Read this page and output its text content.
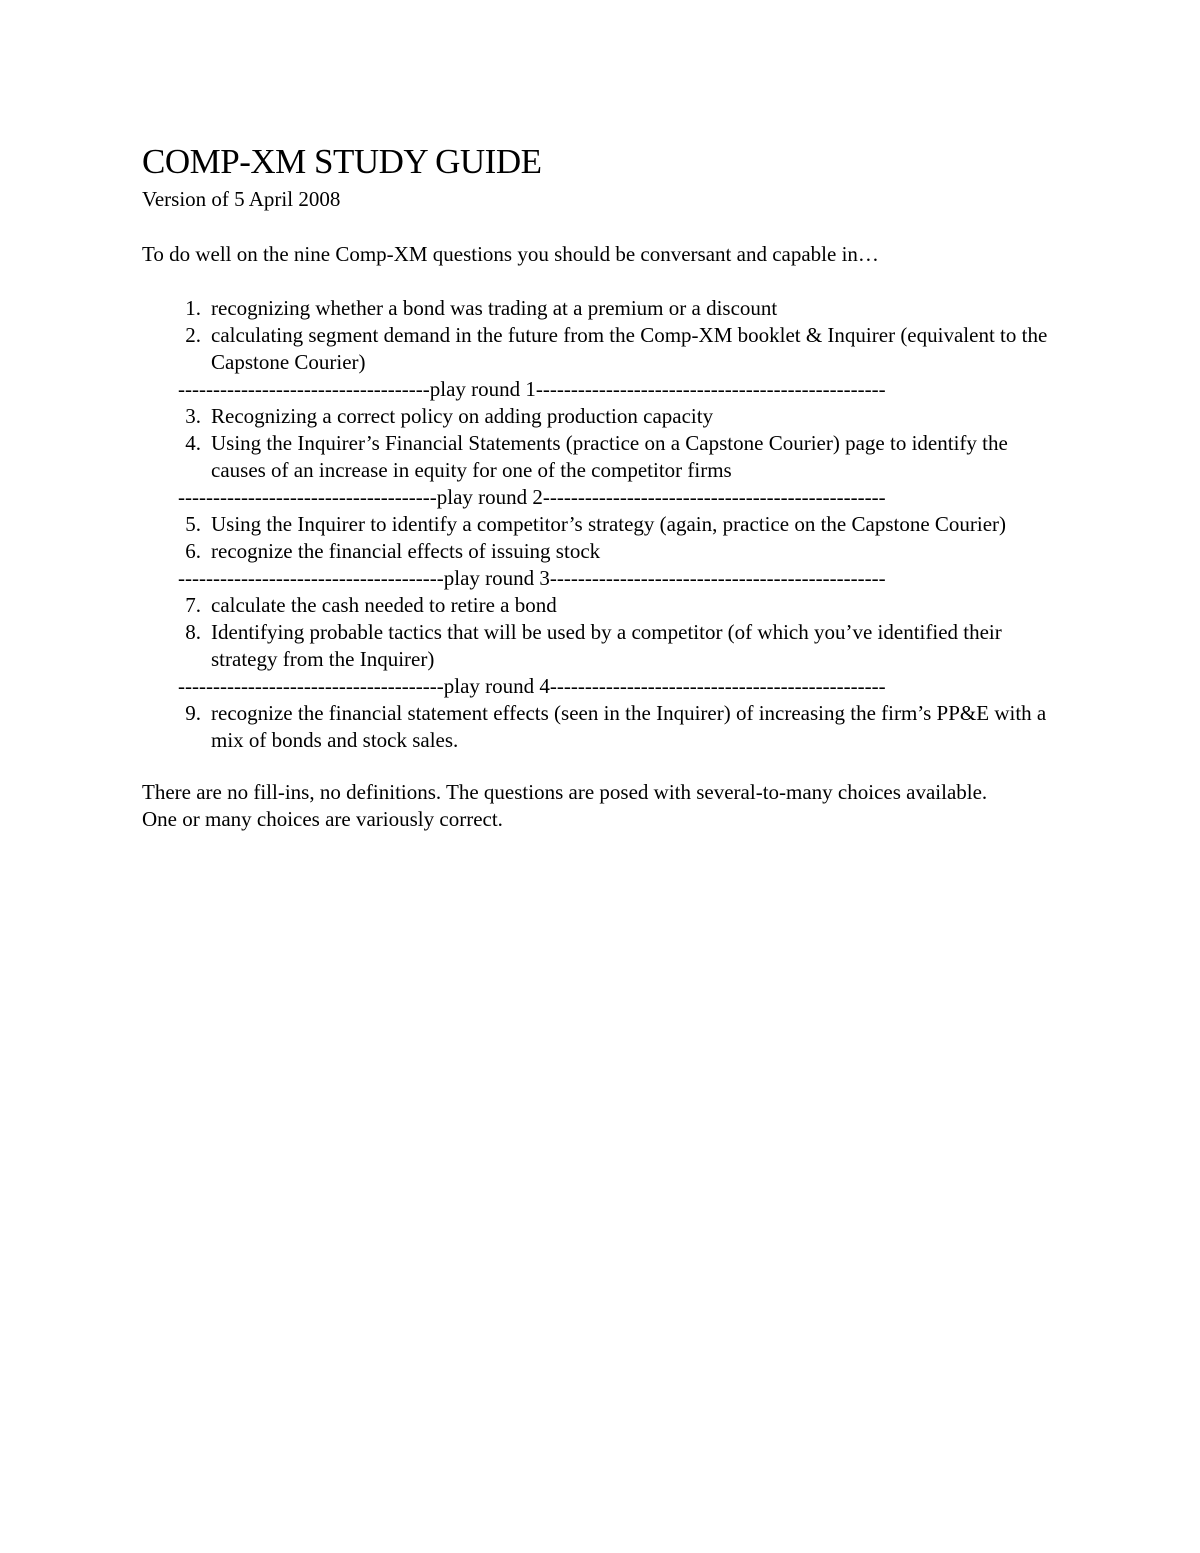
COMP-XM STUDY GUIDE

Version of 5 April 2008

To do well on the nine Comp-XM questions you should be conversant and capable in…

1. recognizing whether a bond was trading at a premium or a discount
2. calculating segment demand in the future from the Comp-XM booklet & Inquirer (equivalent to the Capstone Courier)
------------------------------------play round 1--------------------------------------------------
3. Recognizing a correct policy on adding production capacity
4. Using the Inquirer’s Financial Statements (practice on a Capstone Courier) page to identify the causes of an increase in equity for one of the competitor firms
-------------------------------------play round 2-------------------------------------------------
5. Using the Inquirer to identify a competitor’s strategy (again, practice on the Capstone Courier)
6. recognize the financial effects of issuing stock
--------------------------------------play round 3------------------------------------------------
7. calculate the cash needed to retire a bond
8. Identifying probable tactics that will be used by a competitor (of which you’ve identified their strategy from the Inquirer)
--------------------------------------play round 4------------------------------------------------
9. recognize the financial statement effects (seen in the Inquirer) of increasing the firm’s PP&E with a mix of bonds and stock sales.

There are no fill-ins, no definitions. The questions are posed with several-to-many choices available. One or many choices are variously correct.
